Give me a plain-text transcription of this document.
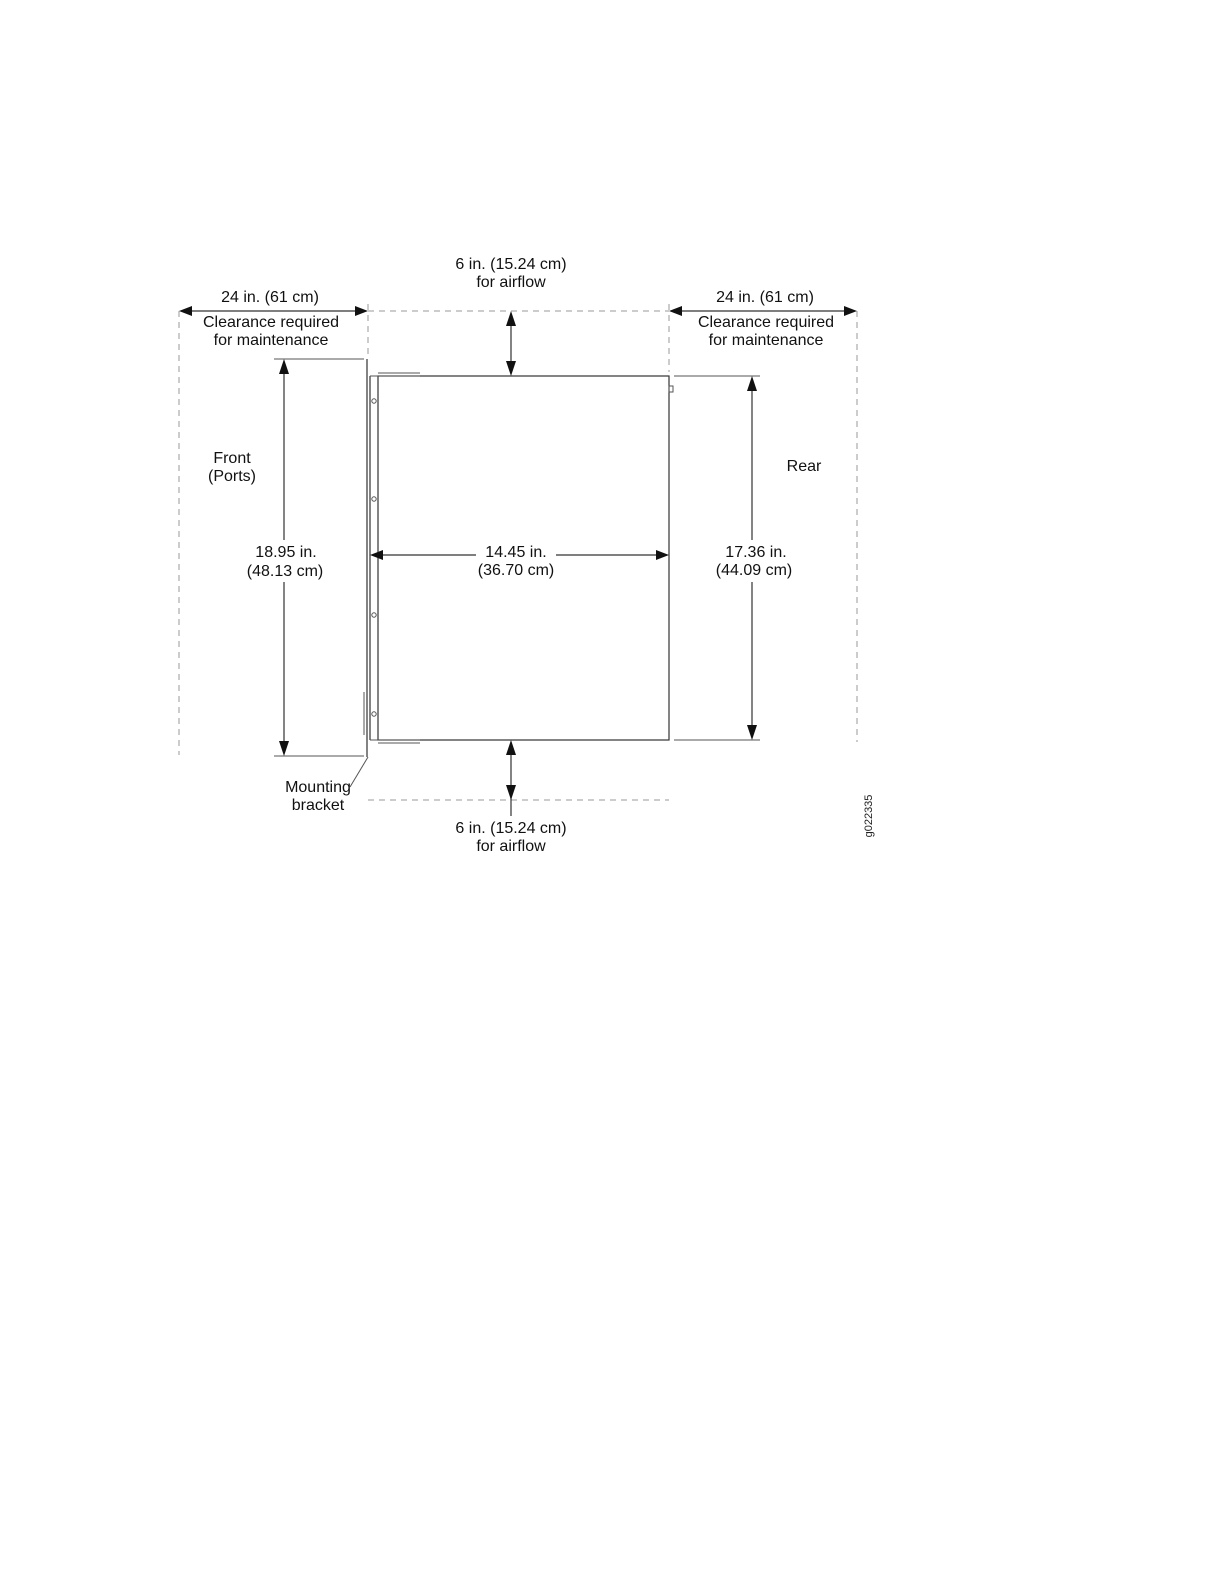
6 in. (15.24 cm)
for airflow
24 in. (61 cm)
Clearance required
for maintenance
24 in. (61 cm)
Clearance required
for maintenance
Front
(Ports)
Rear
18.95 in.
(48.13 cm)
14.45 in.
(36.70 cm)
17.36 in.
(44.09 cm)
Mounting
bracket
6 in. (15.24 cm)
for airflow
g022335
